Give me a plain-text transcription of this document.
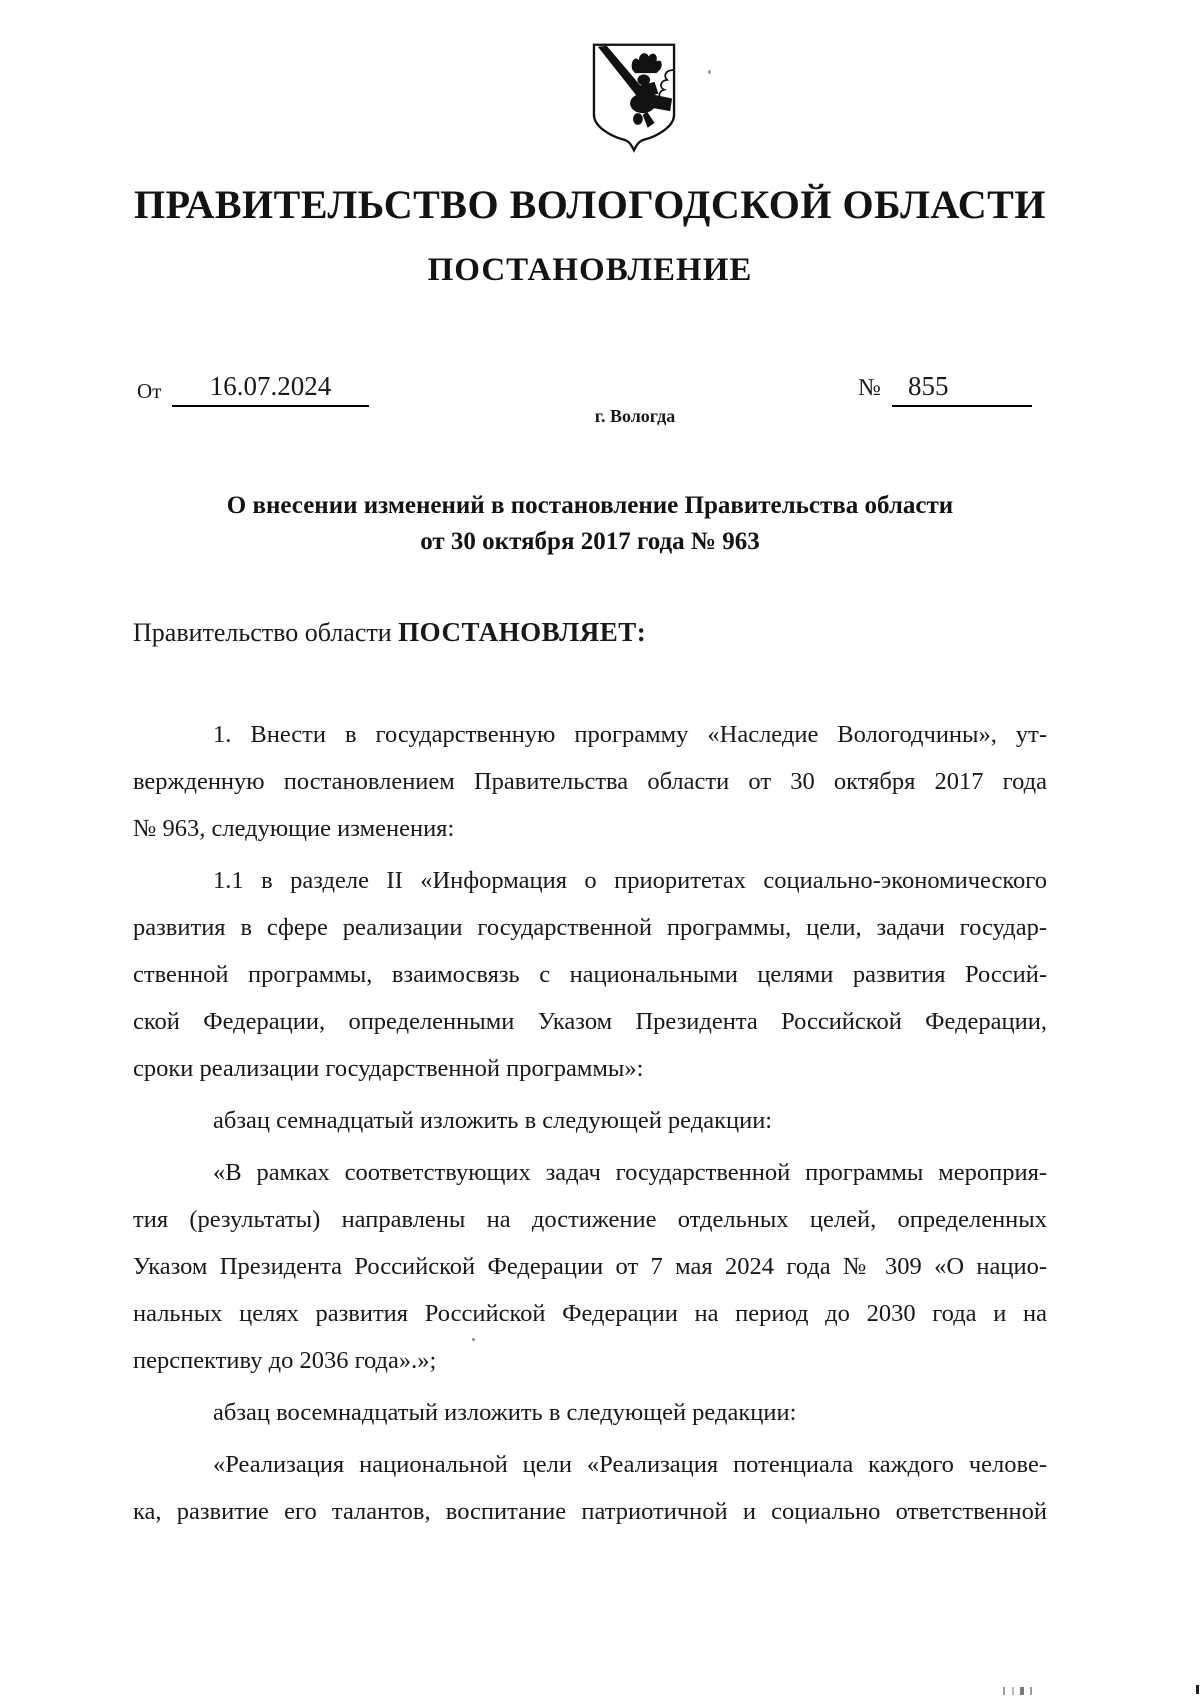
ПРАВИТЕЛЬСТВО ВОЛОГОДСКОЙ ОБЛАСТИ
ПОСТАНОВЛЕНИЕ
От	16.07.2024	№	855
г. Вологда
О внесении изменений в постановление Правительства области
от 30 октября 2017 года № 963
Правительство области ПОСТАНОВЛЯЕТ:
1. Внести в государственную программу «Наследие Вологодчины», ут-
вержденную постановлением Правительства области от 30 октября 2017 года
№ 963, следующие изменения:
1.1 в разделе II «Информация о приоритетах социально-экономического
развития в сфере реализации государственной программы, цели, задачи государ-
ственной программы, взаимосвязь с национальными целями развития Россий-
ской Федерации, определенными Указом Президента Российской Федерации,
сроки реализации государственной программы»:
абзац семнадцатый изложить в следующей редакции:
«В рамках соответствующих задач государственной программы мероприя-
тия (результаты) направлены на достижение отдельных целей, определенных
Указом Президента Российской Федерации от 7 мая 2024 года № 309 «О нацио-
нальных целях развития Российской Федерации на период до 2030 года и на
перспективу до 2036 года».»;
абзац восемнадцатый изложить в следующей редакции:
«Реализация национальной цели «Реализация потенциала каждого челове-
ка, развитие его талантов, воспитание патриотичной и социально ответственной
